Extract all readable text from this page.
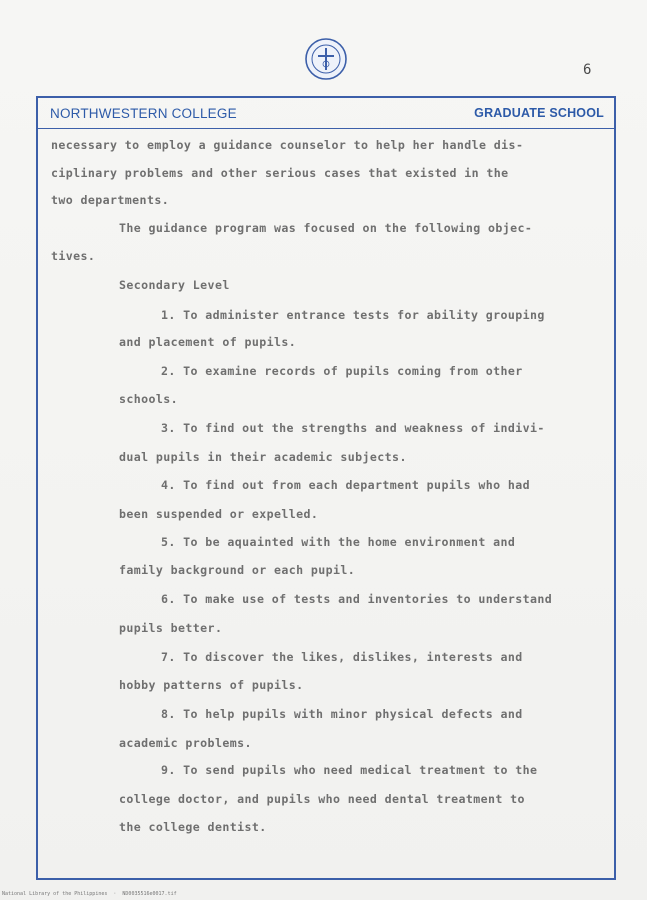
6
NORTHWESTERN COLLEGE	GRADUATE SCHOOL
necessary to employ a guidance counselor to help her handle dis-
ciplinary problems and other serious cases that existed in the
two departments.
The guidance program was focused on the following objec-
tives.
Secondary Level
1. To administer entrance tests for ability grouping
and placement of pupils.
2. To examine records of pupils coming from other
schools.
3. To find out the strengths and weakness of indivi-
dual pupils in their academic subjects.
4. To find out from each department pupils who had
been suspended or expelled.
5. To be aquainted with the home environment and
family background or each pupil.
6. To make use of tests and inventories to understand
pupils better.
7. To discover the likes, dislikes, interests and
hobby patterns of pupils.
8. To help pupils with minor physical defects and
academic problems.
9. To send pupils who need medical treatment to the
college doctor, and pupils who need dental treatment to
the college dentist.
National Library of the Philippines  ·  ND0035516e0017.tif
